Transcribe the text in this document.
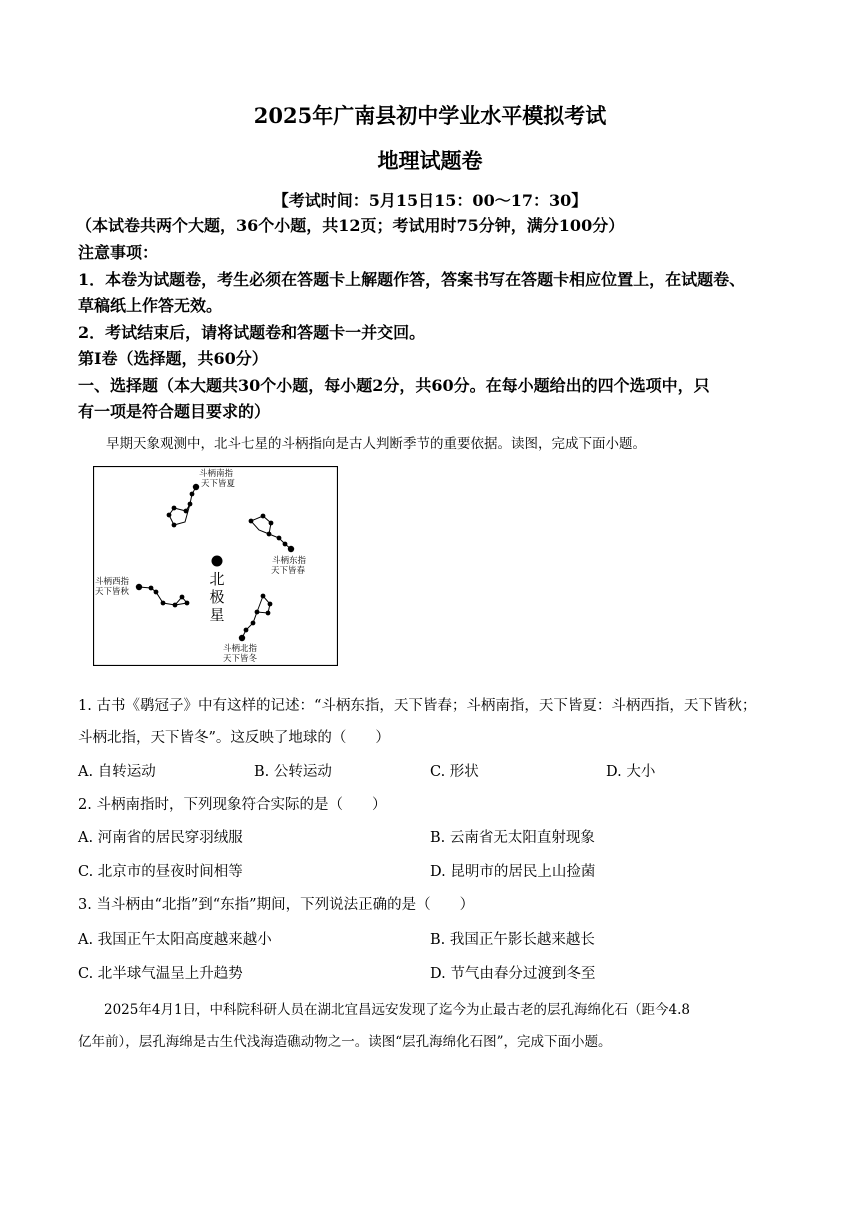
2025年广南县初中学业水平模拟考试
地理试题卷
【考试时间：5月15日15：00～17：30】
（本试卷共两个大题，36个小题，共12页；考试用时75分钟，满分100分）
注意事项：
1．本卷为试题卷，考生必须在答题卡上解题作答，答案书写在答题卡相应位置上，在试题卷、
草稿纸上作答无效。
2．考试结束后，请将试题卷和答题卡一并交回。
第Ⅰ卷（选择题，共60分）
一、选择题（本大题共30个小题，每小题2分，共60分。在每小题给出的四个选项中，只
有一项是符合题目要求的）
早期天象观测中，北斗七星的斗柄指向是古人判断季节的重要依据。读图，完成下面小题。
北
极
星
斗柄南指
天下皆夏
斗柄东指
天下皆春
斗柄西指
天下皆秋
斗柄北指
天下皆冬
1. 古书《鹖冠子》中有这样的记述：“斗柄东指，天下皆春；斗柄南指，天下皆夏：斗柄西指，天下皆秋；
斗柄北指，天下皆冬”。这反映了地球的（　　）
A. 自转运动	B. 公转运动	C. 形状	D. 大小
2. 斗柄南指时，下列现象符合实际的是（　　）
A. 河南省的居民穿羽绒服	B. 云南省无太阳直射现象
C. 北京市的昼夜时间相等	D. 昆明市的居民上山捡菌
3. 当斗柄由“北指”到“东指”期间，下列说法正确的是（　　）
A. 我国正午太阳高度越来越小	B. 我国正午影长越来越长
C. 北半球气温呈上升趋势	D. 节气由春分过渡到冬至
2025年4月1日，中科院科研人员在湖北宜昌远安发现了迄今为止最古老的层孔海绵化石（距今4.8
亿年前），层孔海绵是古生代浅海造礁动物之一。读图“层孔海绵化石图”，完成下面小题。
